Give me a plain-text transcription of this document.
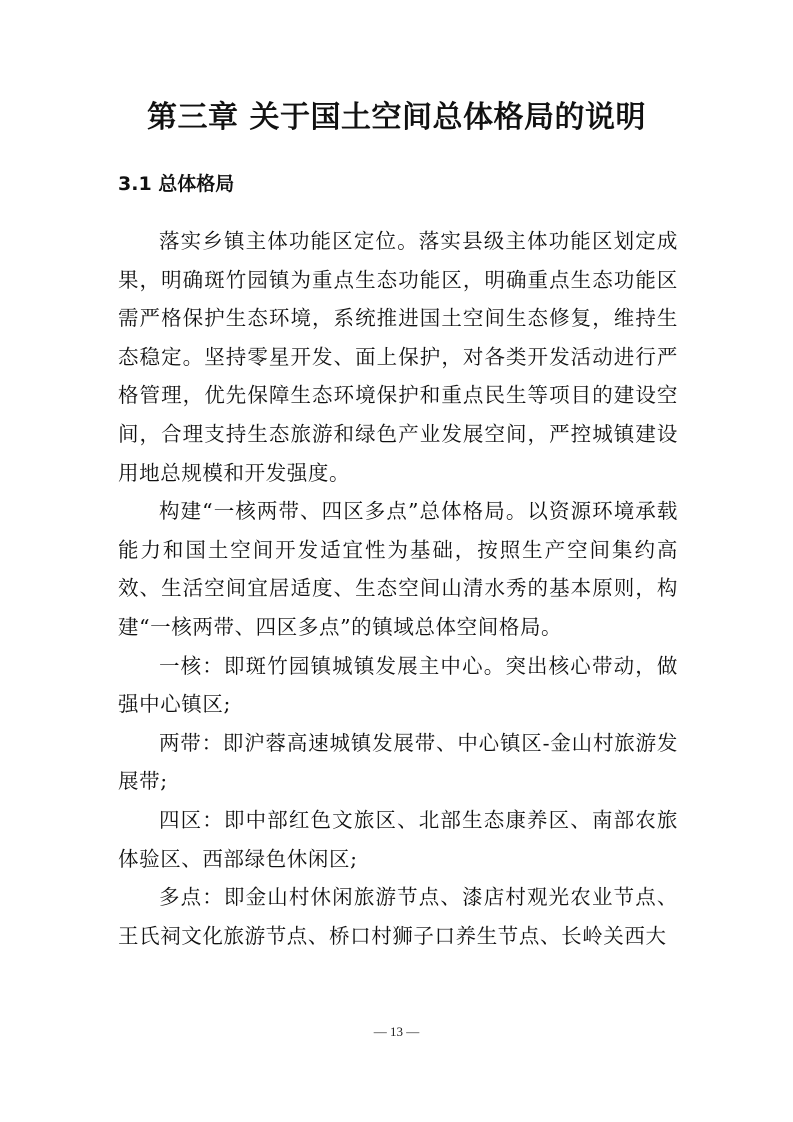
第三章 关于国土空间总体格局的说明
3.1 总体格局

落实乡镇主体功能区定位。落实县级主体功能区划定成果，明确斑竹园镇为重点生态功能区，明确重点生态功能区需严格保护生态环境，系统推进国土空间生态修复，维持生态稳定。坚持零星开发、面上保护，对各类开发活动进行严格管理，优先保障生态环境保护和重点民生等项目的建设空间，合理支持生态旅游和绿色产业发展空间，严控城镇建设用地总规模和开发强度。

构建“一核两带、四区多点”总体格局。以资源环境承载能力和国土空间开发适宜性为基础，按照生产空间集约高效、生活空间宜居适度、生态空间山清水秀的基本原则，构建“一核两带、四区多点”的镇域总体空间格局。

一核：即斑竹园镇城镇发展主中心。突出核心带动，做强中心镇区;

两带：即沪蓉高速城镇发展带、中心镇区-金山村旅游发展带;

四区：即中部红色文旅区、北部生态康养区、南部农旅体验区、西部绿色休闲区;

多点：即金山村休闲旅游节点、漆店村观光农业节点、王氏祠文化旅游节点、桥口村狮子口养生节点、长岭关西大

— 13 —
